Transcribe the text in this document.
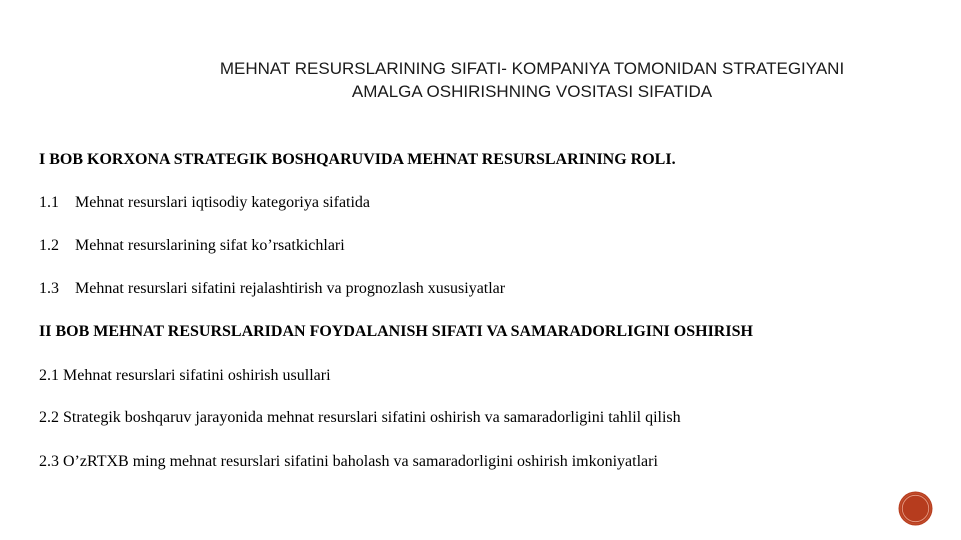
MEHNAT RESURSLARINING SIFATI- KOMPANIYA TOMONIDAN STRATEGIYANI
AMALGA OSHIRISHNING VOSITASI SIFATIDA
I BOB KORXONA STRATEGIK BOSHQARUVIDA MEHNAT RESURSLARINING ROLI.
1.1 Mehnat resurslari iqtisodiy kategoriya sifatida
1.2 Mehnat resurslarining sifat ko’rsatkichlari
1.3 Mehnat resurslari sifatini rejalashtirish va prognozlash xususiyatlar
II BOB MEHNAT RESURSLARIDAN FOYDALANISH SIFATI VA SAMARADORLIGINI OSHIRISH
2.1 Mehnat resurslari sifatini oshirish usullari
2.2 Strategik boshqaruv jarayonida mehnat resurslari sifatini oshirish va samaradorligini tahlil qilish
2.3 O’zRTXB ming mehnat resurslari sifatini baholash va samaradorligini oshirish imkoniyatlari
